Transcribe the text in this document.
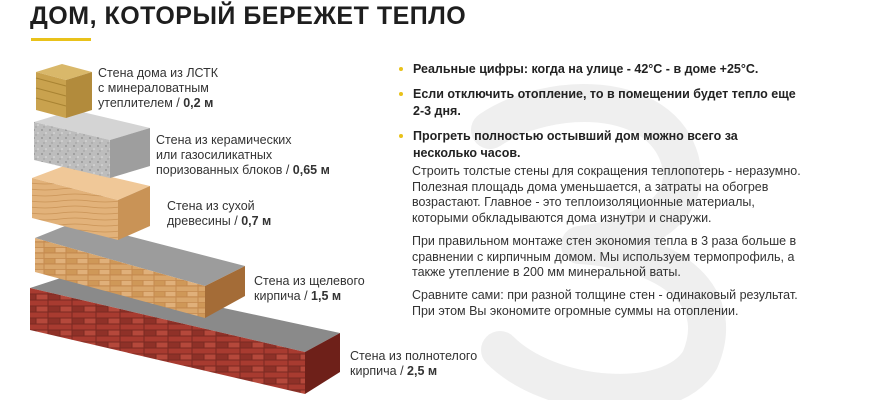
ДОМ, КОТОРЫЙ БЕРЕЖЕТ ТЕПЛО
Стена дома из ЛСТК
с минераловатным
утеплителем / 0,2 м
Стена из керамических
или газосиликатных
поризованных блоков / 0,65 м
Стена из сухой
древесины / 0,7 м
Стена из щелевого
кирпича / 1,5 м
Стена из полнотелого
кирпича / 2,5 м
Реальные цифры: когда на улице - 42°С - в доме +25°С.
Если отключить отопление, то в помещении будет тепло еще 2-3 дня.
Прогреть полностью остывший дом можно всего за несколько часов.

Строить толстые стены для сокращения теплопотерь - неразумно. Полезная площадь дома уменьшается, а затраты на обогрев возрастают. Главное - это теплоизоляционные материалы, которыми обкладываются дома изнутри и снаружи.

При правильном монтаже стен экономия тепла в 3 раза больше в сравнении с кирпичным домом. Мы используем термопрофиль, а также утепление в 200 мм минеральной ваты.

Сравните сами: при разной толщине стен - одинаковый результат. При этом Вы экономите огромные суммы на отоплении.
